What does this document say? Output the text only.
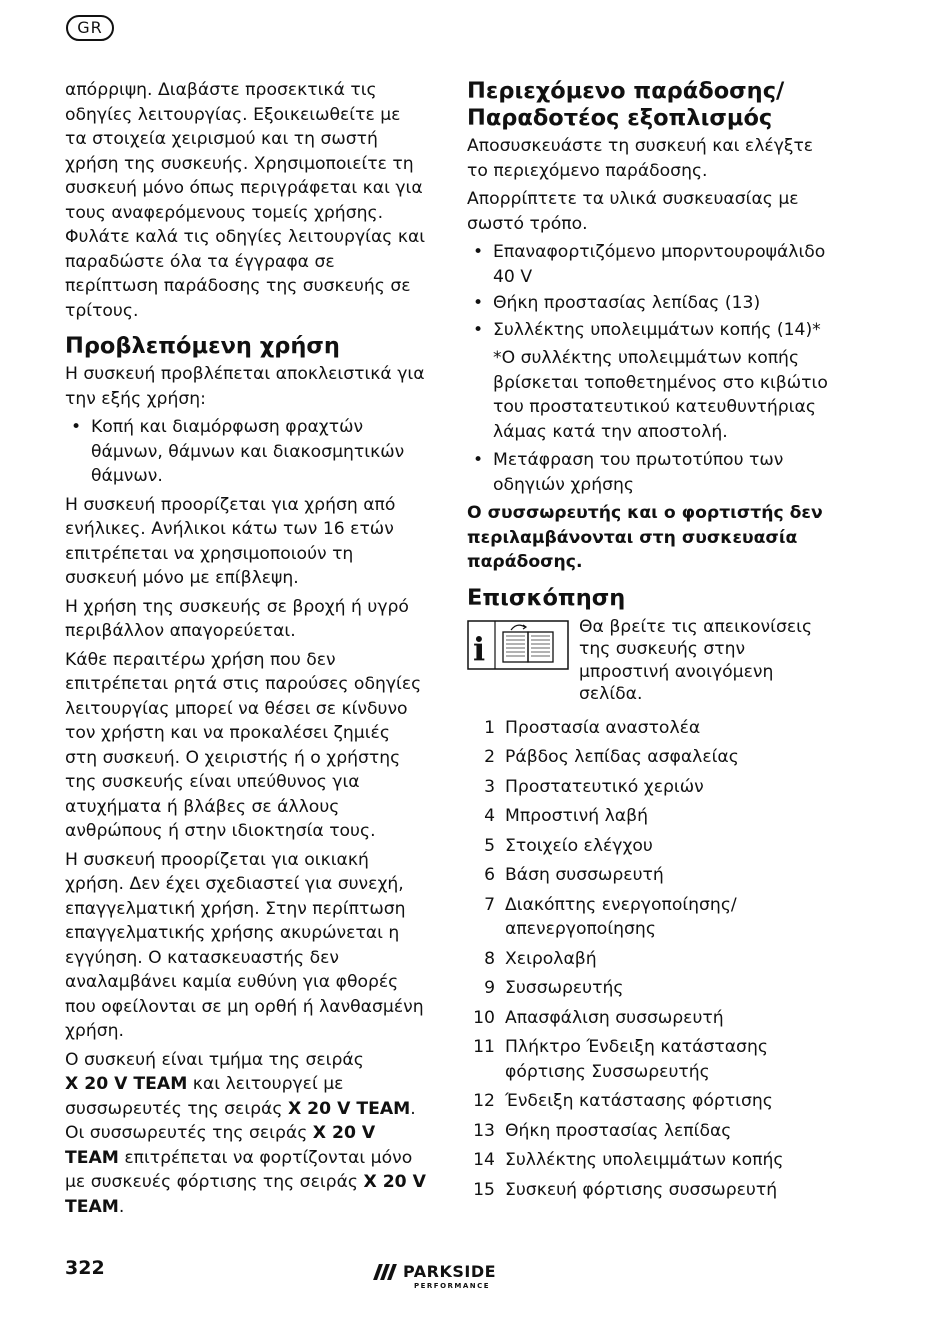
GR

απόρριψη. Διαβάστε προσεκτικά τις οδηγίες λειτουργίας. Εξοικειωθείτε με τα στοιχεία χειρισμού και τη σωστή χρήση της συσκευής. Χρησιμοποιείτε τη συσκευή μόνο όπως περιγράφεται και για τους αναφερόμενους τομείς χρήσης. Φυλάτε καλά τις οδηγίες λειτουργίας και παραδώστε όλα τα έγγραφα σε περίπτωση παράδοσης της συσκευής σε τρίτους.

Προβλεπόμενη χρήση

Η συσκευή προβλέπεται αποκλειστικά για την εξής χρήση:

• Κοπή και διαμόρφωση φραχτών θάμνων, θάμνων και διακοσμητικών θάμνων.

Η συσκευή προορίζεται για χρήση από ενήλικες. Ανήλικοι κάτω των 16 ετών επιτρέπεται να χρησιμοποιούν τη συσκευή μόνο με επίβλεψη.

Η χρήση της συσκευής σε βροχή ή υγρό περιβάλλον απαγορεύεται.

Κάθε περαιτέρω χρήση που δεν επιτρέπεται ρητά στις παρούσες οδηγίες λειτουργίας μπορεί να θέσει σε κίνδυνο τον χρήστη και να προκαλέσει ζημιές στη συσκευή. Ο χειριστής ή ο χρήστης της συσκευής είναι υπεύθυνος για ατυχήματα ή βλάβες σε άλλους ανθρώπους ή στην ιδιοκτησία τους.

Η συσκευή προορίζεται για οικιακή χρήση. Δεν έχει σχεδιαστεί για συνεχή, επαγγελματική χρήση. Στην περίπτωση επαγγελματικής χρήσης ακυρώνεται η εγγύηση. Ο κατασκευαστής δεν αναλαμβάνει καμία ευθύνη για φθορές που οφείλονται σε μη ορθή ή λανθασμένη χρήση.

Ο συσκευή είναι τμήμα της σειράς
X 20 V TEAM και λειτουργεί με συσσωρευτές της σειράς X 20 V TEAM. Οι συσσωρευτές της σειράς X 20 V TEAM επιτρέπεται να φορτίζονται μόνο με συσκευές φόρτισης της σειράς X 20 V TEAM.

Περιεχόμενο παράδοσης/ Παραδοτέος εξοπλισμός

Αποσυσκευάστε τη συσκευή και ελέγξτε το περιεχόμενο παράδοσης.

Απορρίπτετε τα υλικά συσκευασίας με σωστό τρόπο.

• Επαναφορτιζόμενο μπορντουροψάλιδο 40 V
• Θήκη προστασίας λεπίδας (13)
• Συλλέκτης υπολειμμάτων κοπής (14)*

*Ο συλλέκτης υπολειμμάτων κοπής βρίσκεται τοποθετημένος στο κιβώτιο του προστατευτικού κατευθυντήριας λάμας κατά την αποστολή.

• Μετάφραση του πρωτοτύπου των οδηγιών χρήσης

Ο συσσωρευτής και ο φορτιστής δεν περιλαμβάνονται στη συσκευασία παράδοσης.

Επισκόπηση
i

Θα βρείτε τις απεικονίσεις της συσκευής στην μπροστινή ανοιγόμενη σελίδα.

1 Προστασία αναστολέα
2 Ράβδος λεπίδας ασφαλείας
3 Προστατευτικό χεριών
4 Μπροστινή λαβή
5 Στοιχείο ελέγχου
6 Βάση συσσωρευτή
7 Διακόπτης ενεργοποίησης/απενεργοποίησης
8 Χειρολαβή
9 Συσσωρευτής
10 Απασφάλιση συσσωρευτή
11 Πλήκτρο Ένδειξη κατάστασης φόρτισης Συσσωρευτής
12 Ένδειξη κατάστασης φόρτισης
13 Θήκη προστασίας λεπίδας
14 Συλλέκτης υπολειμμάτων κοπής
15 Συσκευή φόρτισης συσσωρευτή
322	PARKSIDE
PERFORMANCE
